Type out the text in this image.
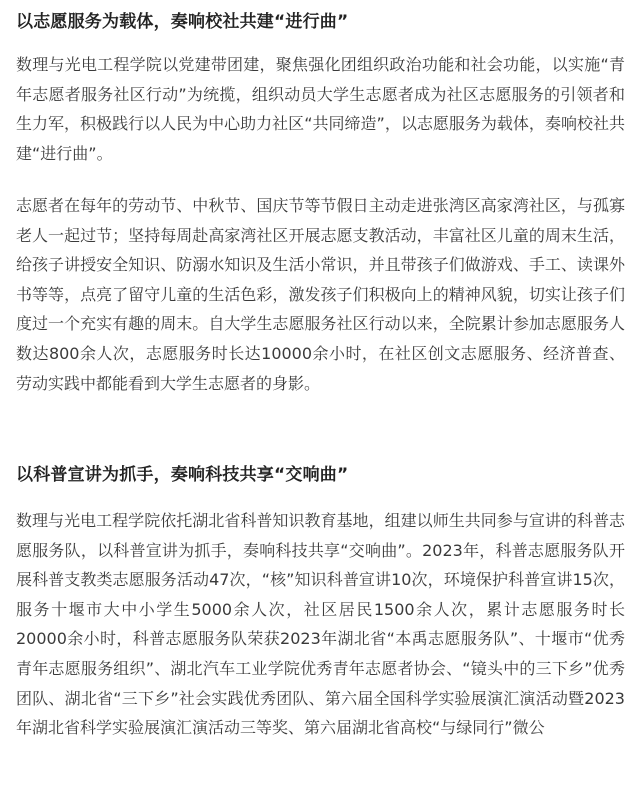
以志愿服务为载体，奏响校社共建“进行曲”

数理与光电工程学院以党建带团建，聚焦强化团组织政治功能和社会功能，以实施“青年志愿者服务社区行动”为统揽，组织动员大学生志愿者成为社区志愿服务的引领者和生力军，积极践行以人民为中心助力社区“共同缔造”，以志愿服务为载体，奏响校社共建“进行曲”。

志愿者在每年的劳动节、中秋节、国庆节等节假日主动走进张湾区高家湾社区，与孤寡老人一起过节；坚持每周赴高家湾社区开展志愿支教活动，丰富社区儿童的周末生活，给孩子讲授安全知识、防溺水知识及生活小常识，并且带孩子们做游戏、手工、读课外书等等，点亮了留守儿童的生活色彩，激发孩子们积极向上的精神风貌，切实让孩子们度过一个充实有趣的周末。自大学生志愿服务社区行动以来，全院累计参加志愿服务人数达800余人次，志愿服务时长达10000余小时，在社区创文志愿服务、经济普查、劳动实践中都能看到大学生志愿者的身影。

以科普宣讲为抓手，奏响科技共享“交响曲”

数理与光电工程学院依托湖北省科普知识教育基地，组建以师生共同参与宣讲的科普志愿服务队，以科普宣讲为抓手，奏响科技共享“交响曲”。2023年，科普志愿服务队开展科普支教类志愿服务活动47次，“核”知识科普宣讲10次，环境保护科普宣讲15次，服务十堰市大中小学生5000余人次，社区居民1500余人次，累计志愿服务时长20000余小时，科普志愿服务队荣获2023年湖北省“本禹志愿服务队”、十堰市“优秀青年志愿服务组织”、湖北汽车工业学院优秀青年志愿者协会、“镜头中的三下乡”优秀团队、湖北省“三下乡”社会实践优秀团队、第六届全国科学实验展演汇演活动暨2023年湖北省科学实验展演汇演活动三等奖、第六届湖北省高校“与绿同行”微公
